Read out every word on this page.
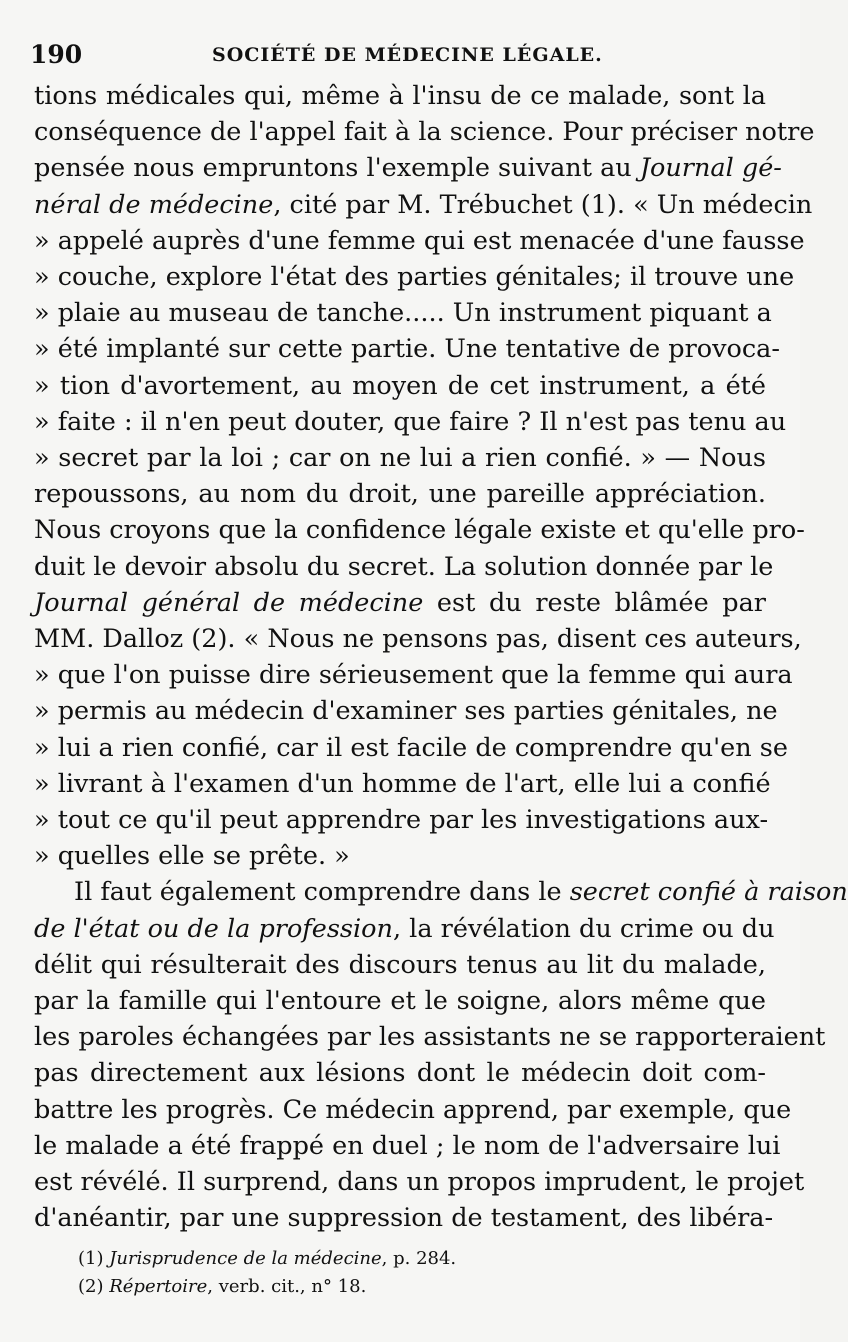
190	SOCIÉTÉ DE MÉDECINE LÉGALE.
tions médicales qui, même à l'insu de ce malade, sont la
conséquence de l'appel fait à la science. Pour préciser notre
pensée nous empruntons l'exemple suivant au Journal gé-
néral de médecine, cité par M. Trébuchet (1). « Un médecin
» appelé auprès d'une femme qui est menacée d'une fausse
» couche, explore l'état des parties génitales; il trouve une
» plaie au museau de tanche..... Un instrument piquant a
» été implanté sur cette partie. Une tentative de provoca-
» tion d'avortement, au moyen de cet instrument, a été
» faite : il n'en peut douter, que faire ? Il n'est pas tenu au
» secret par la loi ; car on ne lui a rien confié. » — Nous
repoussons, au nom du droit, une pareille appréciation.
Nous croyons que la confidence légale existe et qu'elle pro-
duit le devoir absolu du secret. La solution donnée par le
Journal général de médecine est du reste blâmée par
MM. Dalloz (2). « Nous ne pensons pas, disent ces auteurs,
» que l'on puisse dire sérieusement que la femme qui aura
» permis au médecin d'examiner ses parties génitales, ne
» lui a rien confié, car il est facile de comprendre qu'en se
» livrant à l'examen d'un homme de l'art, elle lui a confié
» tout ce qu'il peut apprendre par les investigations aux-
» quelles elle se prête. »
Il faut également comprendre dans le secret confié à raison
de l'état ou de la profession, la révélation du crime ou du
délit qui résulterait des discours tenus au lit du malade,
par la famille qui l'entoure et le soigne, alors même que
les paroles échangées par les assistants ne se rapporteraient
pas directement aux lésions dont le médecin doit com-
battre les progrès. Ce médecin apprend, par exemple, que
le malade a été frappé en duel ; le nom de l'adversaire lui
est révélé. Il surprend, dans un propos imprudent, le projet
d'anéantir, par une suppression de testament, des libéra-
(1) Jurisprudence de la médecine, p. 284.
(2) Répertoire, verb. cit., n° 18.
